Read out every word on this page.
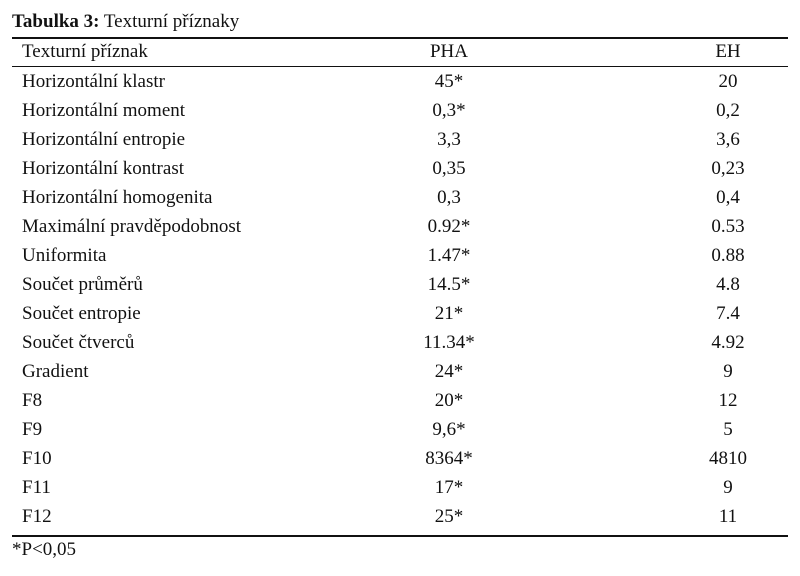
Tabulka 3: Texturní příznaky
Texturní příznak	PHA	EH
Horizontální klastr	45*	20
Horizontální moment	0,3*	0,2
Horizontální entropie	3,3	3,6
Horizontální kontrast	0,35	0,23
Horizontální homogenita	0,3	0,4
Maximální pravděpodobnost	0.92*	0.53
Uniformita	1.47*	0.88
Součet průměrů	14.5*	4.8
Součet entropie	21*	7.4
Součet čtverců	11.34*	4.92
Gradient	24*	9
F8	20*	12
F9	9,6*	5
F10	8364*	4810
F11	17*	9
F12	25*	11
*P<0,05
